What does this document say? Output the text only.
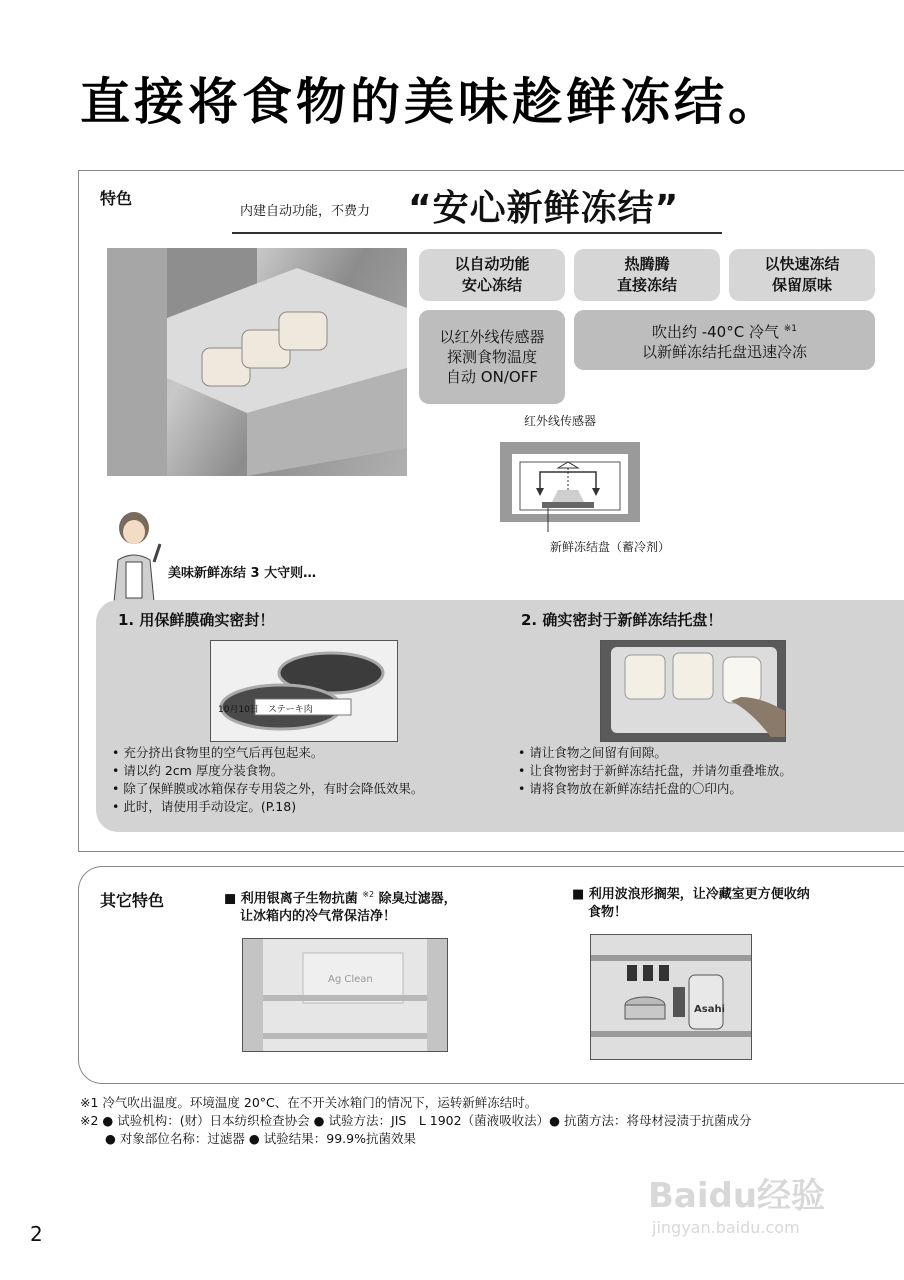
直接将食物的美味趁鲜冻结。
特色
内建自动功能，不费力 “安心新鲜冻结”
以自动功能
安心冻结
热腾腾
直接冻结
以快速冻结
保留原味
以红外线传感器
探测食物温度
自动 ON/OFF
吹出约 -40°C 冷气 $^{※1}$
以新鲜冻结托盘迅速冷冻
红外线传感器
新鲜冻结盘（蓄冷剂）
美味新鲜冻结 3 大守则…
1. 用保鲜膜确实密封！
10月10日　ステーキ肉
• 充分挤出食物里的空气后再包起来。
• 请以约 2cm 厚度分装食物。
• 除了保鲜膜或冰箱保存专用袋之外，有时会降低效果。
• 此时，请使用手动设定。(P.18)
2. 确实密封于新鲜冻结托盘！
• 请让食物之间留有间隙。
• 让食物密封于新鲜冻结托盘，并请勿重叠堆放。
• 请将食物放在新鲜冻结托盘的〇印内。
其它特色	■ 利用银离子生物抗菌 $^{※2}$ 除臭过滤器，
让冰箱内的冷气常保洁净！
Ag Clean
■ 利用波浪形搁架，让冷藏室更方便收纳
食物！
Asahi
※1 冷气吹出温度。环境温度 20°C、在不开关冰箱门的情况下，运转新鲜冻结时。
※2 ● 试验机构：(财）日本纺织检查协会 ● 试验方法：JIS　L 1902（菌液吸收法）● 抗菌方法：将母材浸渍于抗菌成分
　　● 对象部位名称：过滤器 ● 试验结果：99.9%抗菌效果
2
Baidu经验
jingyan.baidu.com
